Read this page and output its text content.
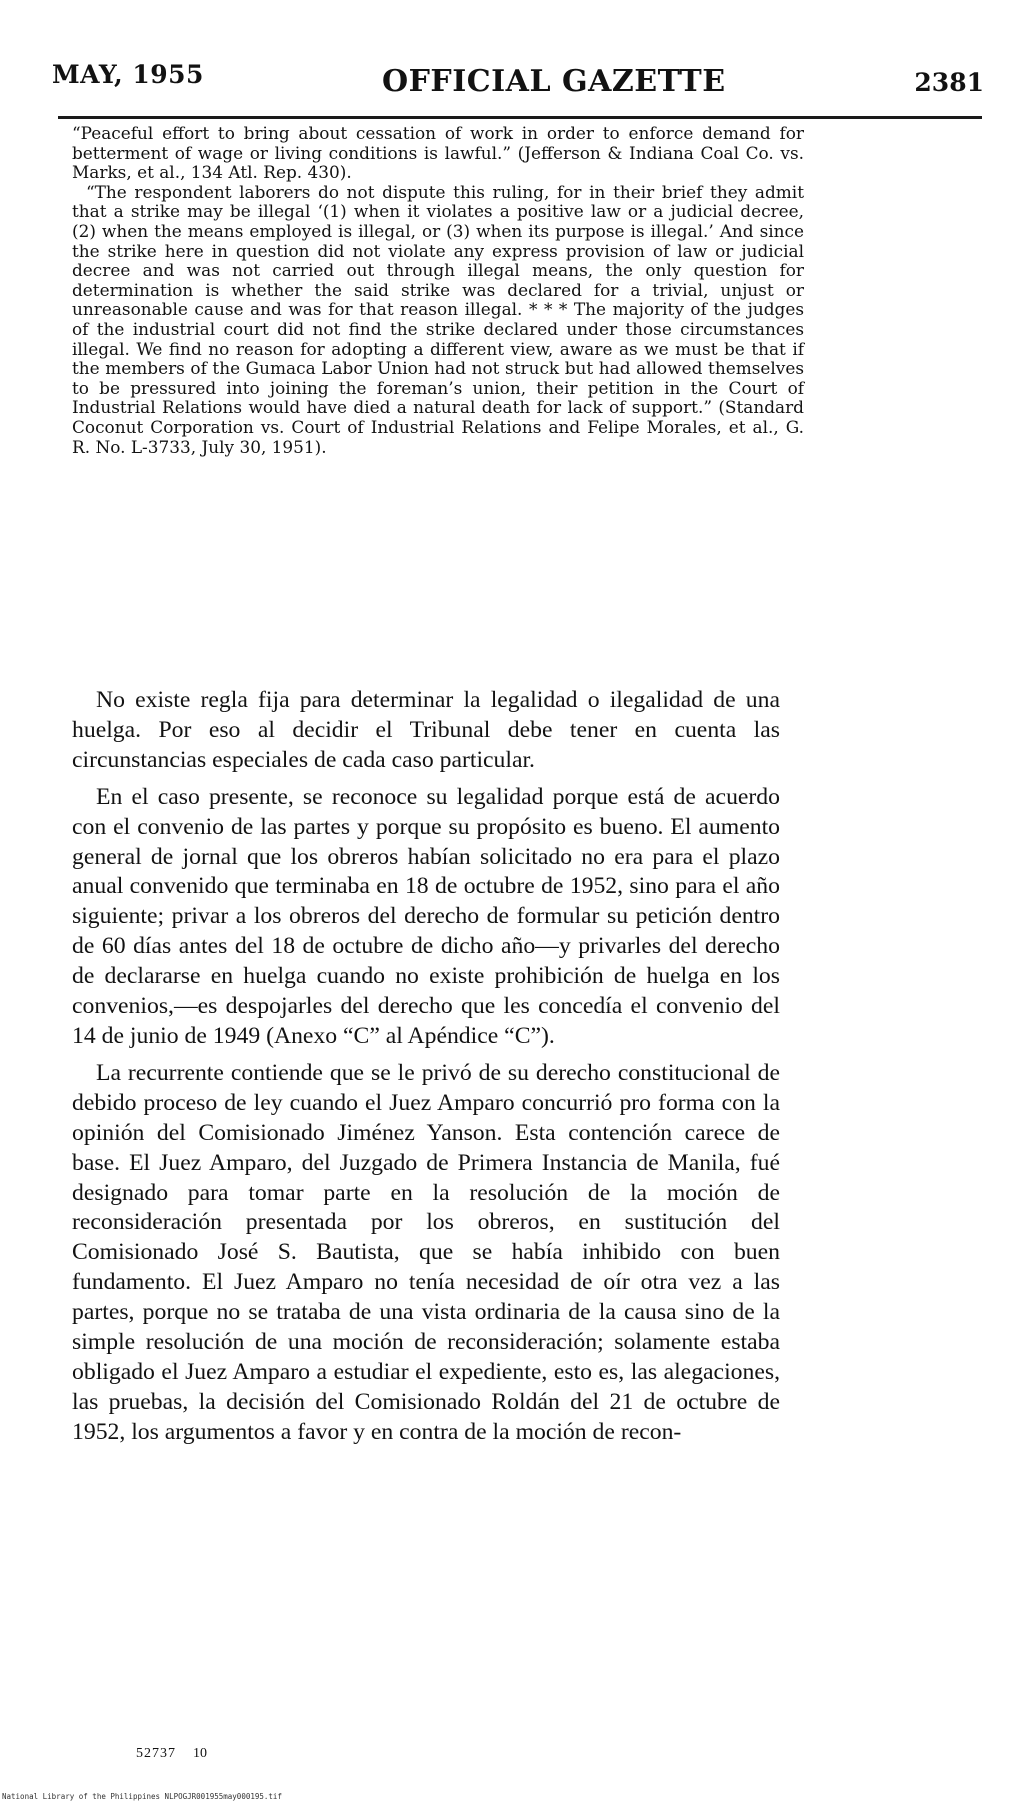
MAY, 1955	OFFICIAL GAZETTE	2381

“Peaceful effort to bring about cessation of work in order to enforce demand for betterment of wage or living conditions is lawful.” (Jefferson & Indiana Coal Co. vs. Marks, et al., 134 Atl. Rep. 430).

“The respondent laborers do not dispute this ruling, for in their brief they admit that a strike may be illegal ‘(1) when it violates a positive law or a judicial decree, (2) when the means employed is illegal, or (3) when its purpose is illegal.’ And since the strike here in question did not violate any express provision of law or judicial decree and was not carried out through illegal means, the only question for determination is whether the said strike was declared for a trivial, unjust or unreasonable cause and was for that reason illegal. * * * The majority of the judges of the industrial court did not find the strike declared under those circumstances illegal. We find no reason for adopting a different view, aware as we must be that if the members of the Gumaca Labor Union had not struck but had allowed themselves to be pressured into joining the foreman’s union, their petition in the Court of Industrial Relations would have died a natural death for lack of support.” (Standard Coconut Corporation vs. Court of Industrial Relations and Felipe Morales, et al., G. R. No. L-3733, July 30, 1951).

No existe regla fija para determinar la legalidad o ilegalidad de una huelga. Por eso al decidir el Tribunal debe tener en cuenta las circunstancias especiales de cada caso particular.

En el caso presente, se reconoce su legalidad porque está de acuerdo con el convenio de las partes y porque su propósito es bueno. El aumento general de jornal que los obreros habían solicitado no era para el plazo anual convenido que terminaba en 18 de octubre de 1952, sino para el año siguiente; privar a los obreros del derecho de formular su petición dentro de 60 días antes del 18 de octubre de dicho año—y privarles del derecho de declararse en huelga cuando no existe prohibición de huelga en los convenios,—es despojarles del derecho que les concedía el convenio del 14 de junio de 1949 (Anexo “C” al Apéndice “C”).

La recurrente contiende que se le privó de su derecho constitucional de debido proceso de ley cuando el Juez Amparo concurrió pro forma con la opinión del Comisionado Jiménez Yanson. Esta contención carece de base. El Juez Amparo, del Juzgado de Primera Instancia de Manila, fué designado para tomar parte en la resolución de la moción de reconsideración presentada por los obreros, en sustitución del Comisionado José S. Bautista, que se había inhibido con buen fundamento. El Juez Amparo no tenía necesidad de oír otra vez a las partes, porque no se trataba de una vista ordinaria de la causa sino de la simple resolución de una moción de reconsideración; solamente estaba obligado el Juez Amparo a estudiar el expediente, esto es, las alegaciones, las pruebas, la decisión del Comisionado Roldán del 21 de octubre de 1952, los argumentos a favor y en contra de la moción de recon-

52737 10
National Library of the Philippines NLPOGJR001955may000195.tif
